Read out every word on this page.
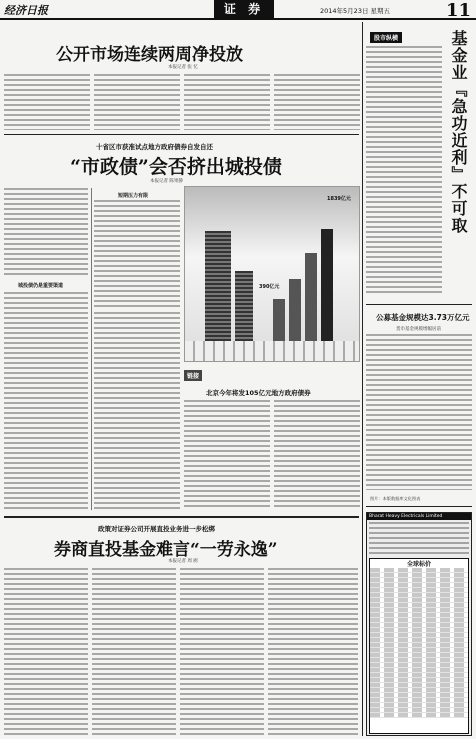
经济日报	证 券	2014年5月23日 星期五	11
公开市场连续两周净投放
本报记者 张 忆
十省区市获准试点地方政府债券自发自还
“市政债”会否挤出城投债
本报记者 陈果静
短期压力有限
城投债仍是重要渠道
1839亿元
390亿元
链接
北京今年将发105亿元地方政府债券
政策对证券公司开展直投业务进一步松绑
券商直投基金难言“一劳永逸”
本报记者 周 鸥
股市纵横	基金业『急功近利』不可取
公募基金规模达3.73万亿元
货币基金规模增幅居前
图片：本版数据库文化图表
Bharat Heavy Electricals Limited
全球标价
